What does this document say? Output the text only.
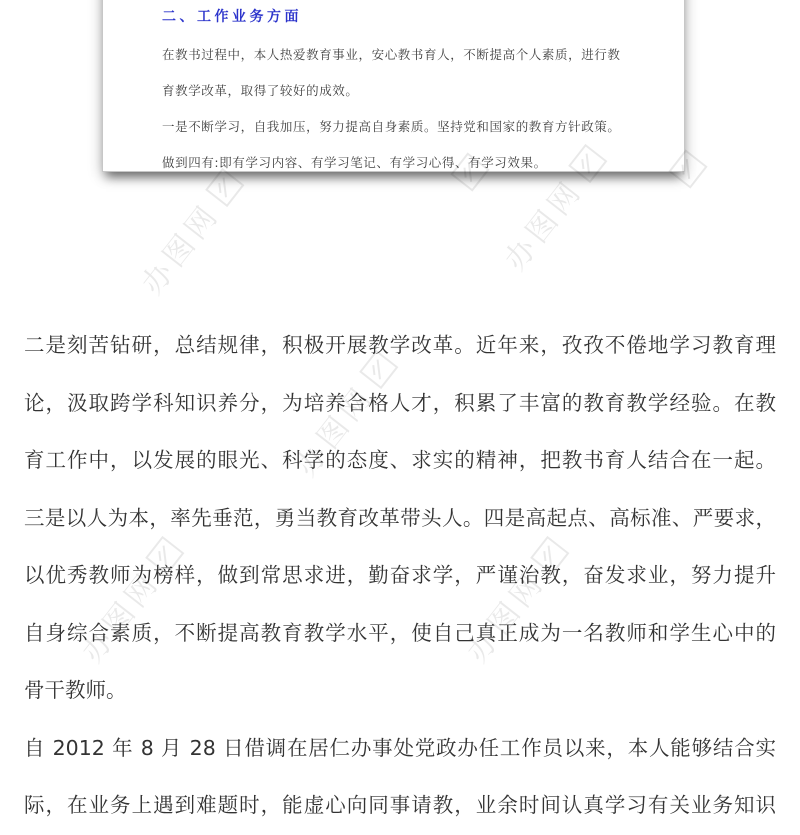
二、工作业务方面
在教书过程中，本人热爱教育事业，安心教书育人，不断提高个人素质，进行教
育教学改革，取得了较好的成效。
一是不断学习，自我加压，努力提高自身素质。坚持党和国家的教育方针政策。
做到四有:即有学习内容、有学习笔记、有学习心得、有学习效果。
二是刻苦钻研，总结规律，积极开展教学改革。近年来，孜孜不倦地学习教育理
论，汲取跨学科知识养分，为培养合格人才，积累了丰富的教育教学经验。在教
育工作中，以发展的眼光、科学的态度、求实的精神，把教书育人结合在一起。
三是以人为本，率先垂范，勇当教育改革带头人。四是高起点、高标准、严要求，
以优秀教师为榜样，做到常思求进，勤奋求学，严谨治教，奋发求业，努力提升
自身综合素质，不断提高教育教学水平，使自己真正成为一名教师和学生心中的
骨干教师。
自 2012 年 8 月 28 日借调在居仁办事处党政办任工作员以来，本人能够结合实
际，在业务上遇到难题时，能虚心向同事请教，业余时间认真学习有关业务知识
办图网	办图网
办图网
办图网	办图网
